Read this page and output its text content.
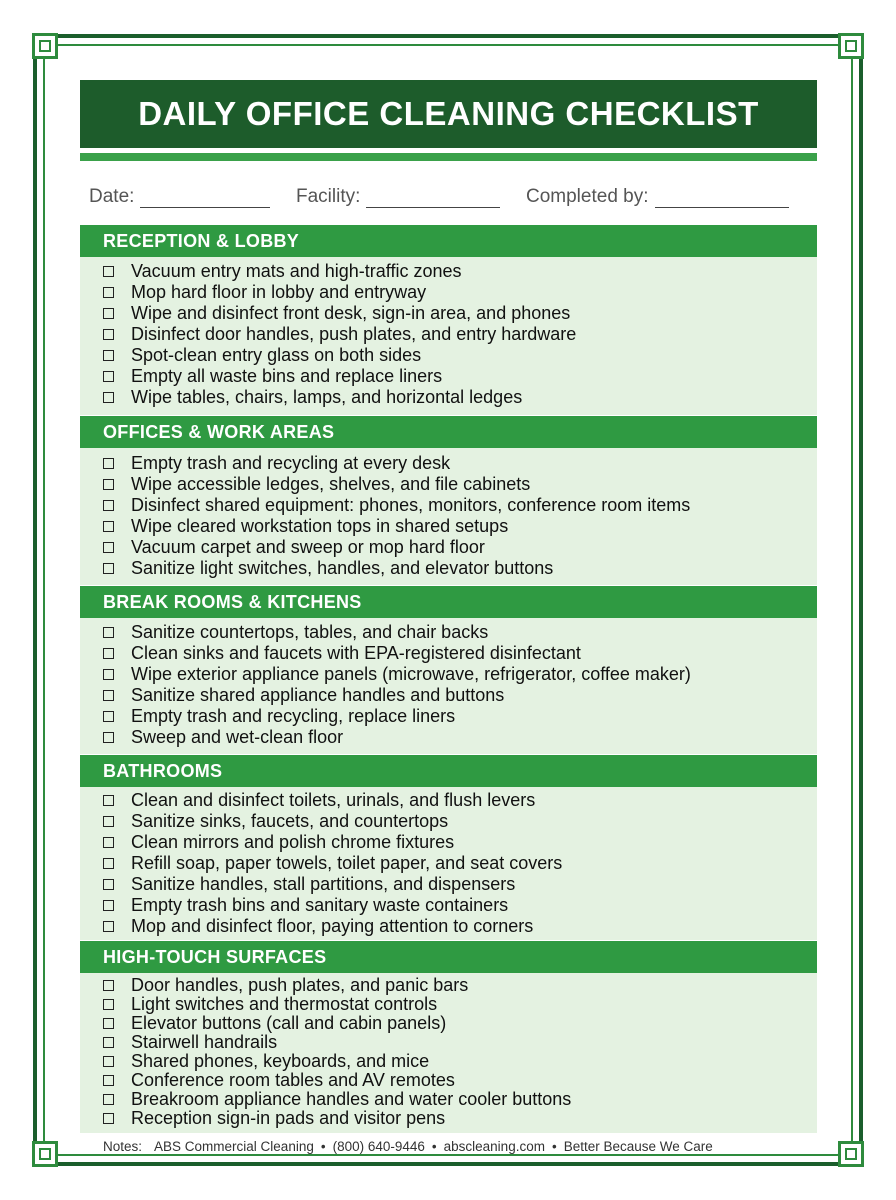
DAILY OFFICE CLEANING CHECKLIST
Date:	Facility:	Completed by:
RECEPTION & LOBBY
Vacuum entry mats and high-traffic zones
Mop hard floor in lobby and entryway
Wipe and disinfect front desk, sign-in area, and phones
Disinfect door handles, push plates, and entry hardware
Spot-clean entry glass on both sides
Empty all waste bins and replace liners
Wipe tables, chairs, lamps, and horizontal ledges
OFFICES & WORK AREAS
Empty trash and recycling at every desk
Wipe accessible ledges, shelves, and file cabinets
Disinfect shared equipment: phones, monitors, conference room items
Wipe cleared workstation tops in shared setups
Vacuum carpet and sweep or mop hard floor
Sanitize light switches, handles, and elevator buttons
BREAK ROOMS & KITCHENS
Sanitize countertops, tables, and chair backs
Clean sinks and faucets with EPA-registered disinfectant
Wipe exterior appliance panels (microwave, refrigerator, coffee maker)
Sanitize shared appliance handles and buttons
Empty trash and recycling, replace liners
Sweep and wet-clean floor
BATHROOMS
Clean and disinfect toilets, urinals, and flush levers
Sanitize sinks, faucets, and countertops
Clean mirrors and polish chrome fixtures
Refill soap, paper towels, toilet paper, and seat covers
Sanitize handles, stall partitions, and dispensers
Empty trash bins and sanitary waste containers
Mop and disinfect floor, paying attention to corners
HIGH-TOUCH SURFACES
Door handles, push plates, and panic bars
Light switches and thermostat controls
Elevator buttons (call and cabin panels)
Stairwell handrails
Shared phones, keyboards, and mice
Conference room tables and AV remotes
Breakroom appliance handles and water cooler buttons
Reception sign-in pads and visitor pens
Notes: ABS Commercial Cleaning • (800) 640-9446 • abscleaning.com • Better Because We Care
